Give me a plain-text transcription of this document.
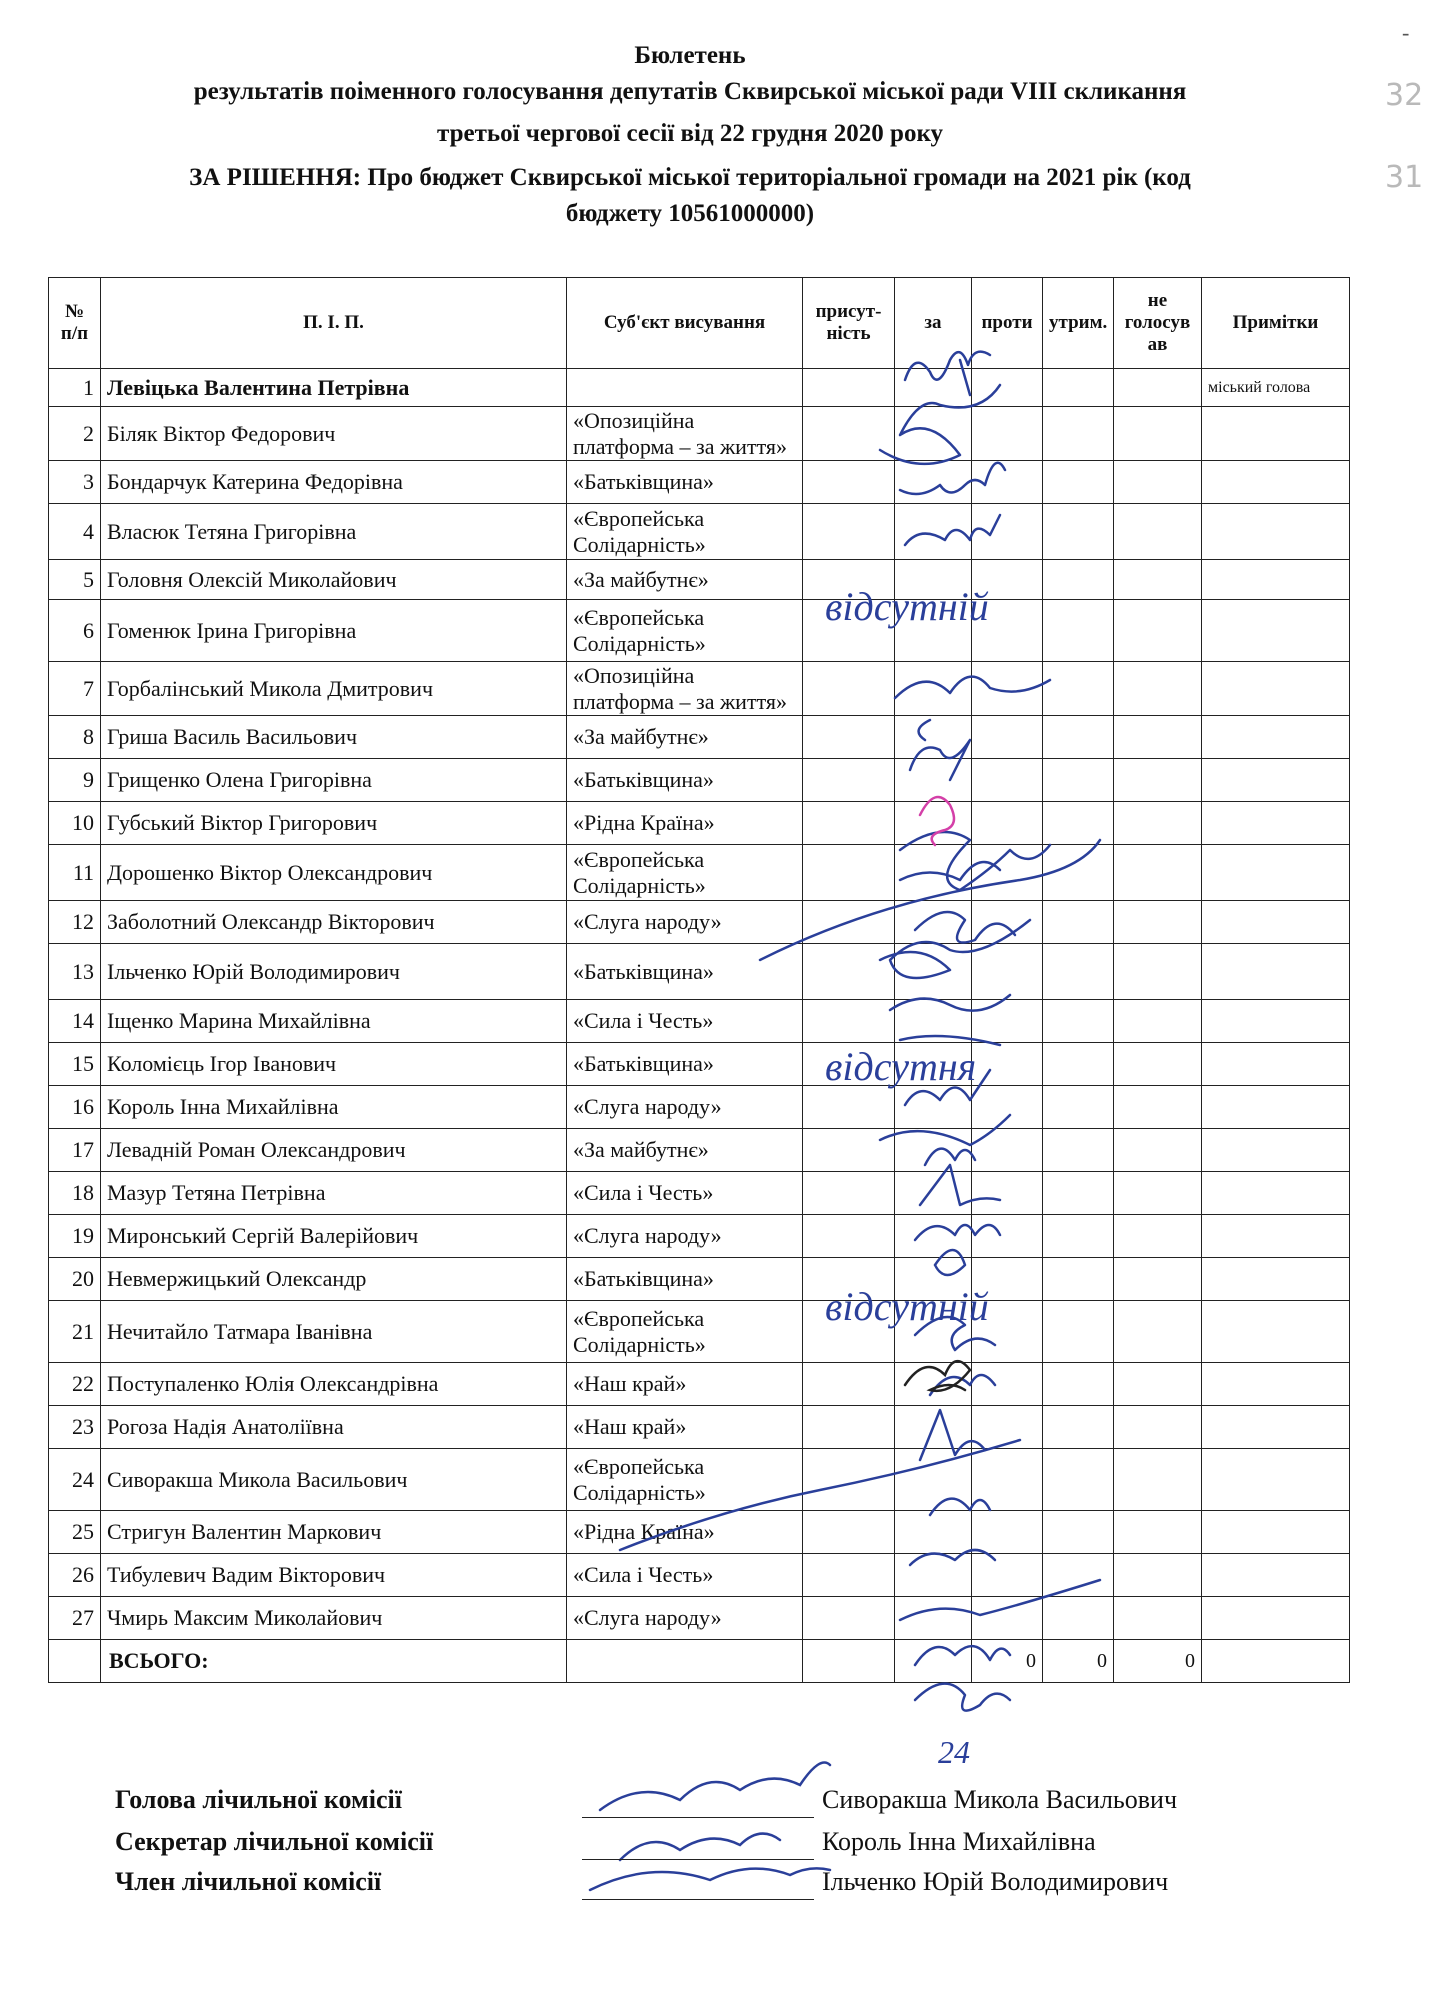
Бюлетень
результатів поіменного голосування депутатів Сквирської міської ради VIII скликання
третьої чергової сесії від 22 грудня 2020 року
ЗА РІШЕННЯ: Про бюджет Сквирської міської територіальної громади на 2021 рік (код
бюджету 10561000000)
‑
32
31
№ п/п	П. І. П.	Суб'єкт висування	присут-ність	за	проти	утрим.	не голосув ав	Примітки
1	Левіцька Валентина Петрівна							міський голова
2	Біляк Віктор Федорович	«Опозиційна платформа – за життя»						
3	Бондарчук Катерина Федорівна	«Батьківщина»						
4	Власюк Тетяна Григорівна	«Європейська Солідарність»						
5	Головня Олексій Миколайович	«За майбутнє»						
6	Гоменюк Ірина Григорівна	«Європейська Солідарність»						
7	Горбалінський Микола Дмитрович	«Опозиційна платформа – за життя»						
8	Гриша Василь Васильович	«За майбутнє»						
9	Грищенко Олена Григорівна	«Батьківщина»						
10	Губський Віктор Григорович	«Рідна Країна»						
11	Дорошенко Віктор Олександрович	«Європейська Солідарність»						
12	Заболотний Олександр Вікторович	«Слуга народу»						
13	Ільченко Юрій Володимирович	«Батьківщина»						
14	Іщенко Марина Михайлівна	«Сила і Честь»						
15	Коломієць Ігор Іванович	«Батьківщина»						
16	Король Інна Михайлівна	«Слуга народу»						
17	Левадній Роман Олександрович	«За майбутнє»						
18	Мазур Тетяна Петрівна	«Сила і Честь»						
19	Миронський Сергій Валерійович	«Слуга народу»						
20	Невмержицький Олександр	«Батьківщина»						
21	Нечитайло Татмара Іванівна	«Європейська Солідарність»						
22	Поступаленко Юлія Олександрівна	«Наш край»						
23	Рогоза Надія Анатоліївна	«Наш край»						
24	Сиворакша Микола Васильович	«Європейська Солідарність»						
25	Стригун Валентин Маркович	«Рідна Країна»						
26	Тибулевич Вадим Вікторович	«Сила і Честь»						
27	Чмирь Максим Миколайович	«Слуга народу»						
	ВСЬОГО:				0	0	0	
відсутній
відсутня
відсутній
24
Голова лічильної комісії	Сиворакша Микола Васильович
Секретар лічильної комісії	Король Інна Михайлівна
Член лічильної комісії	Ільченко Юрій Володимирович
